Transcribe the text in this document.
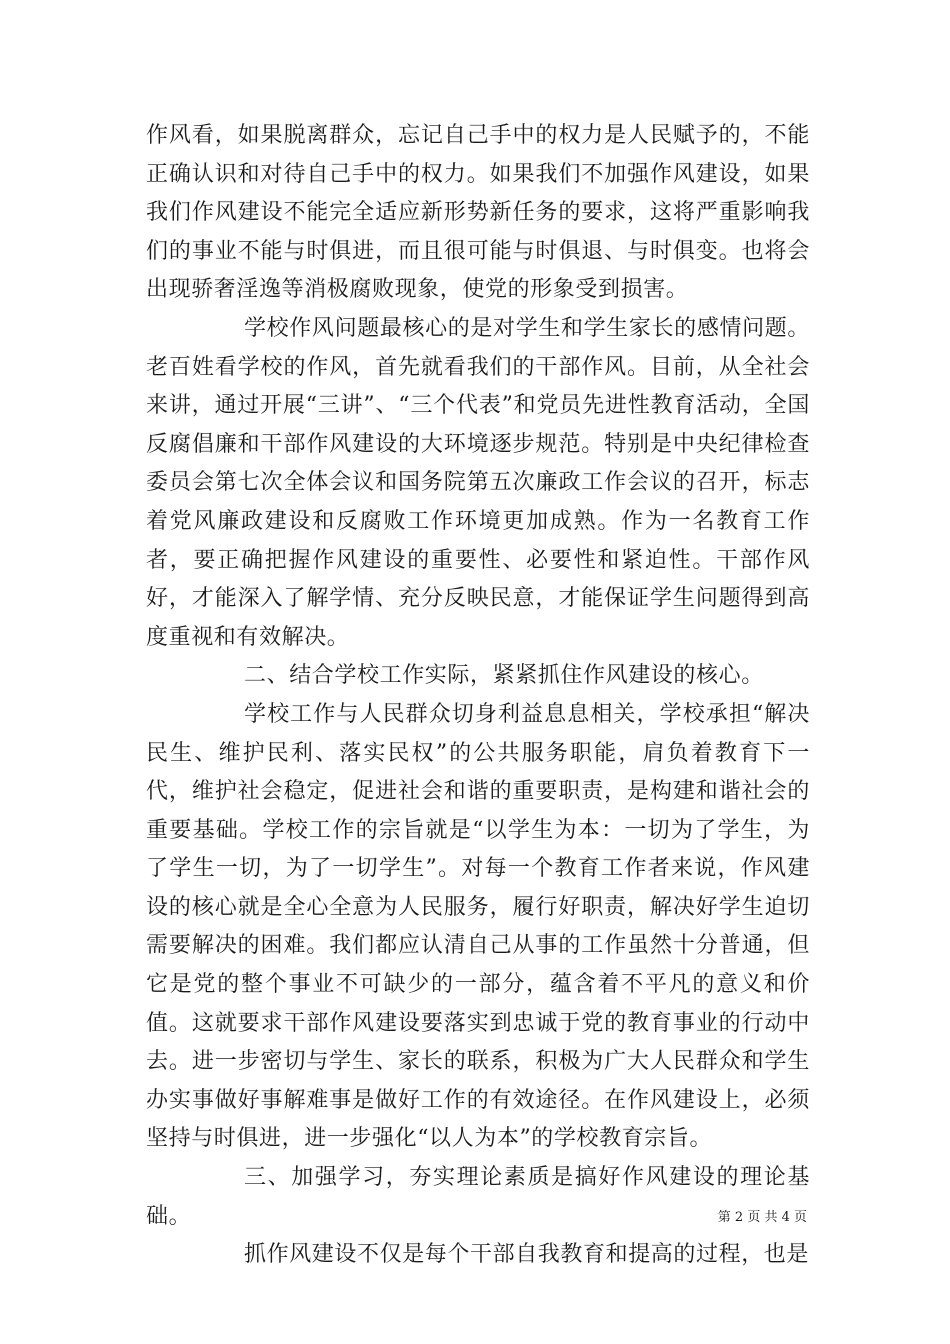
作风看，如果脱离群众，忘记自己手中的权力是人民赋予的，不能正确认识和对待自己手中的权力。如果我们不加强作风建设，如果我们作风建设不能完全适应新形势新任务的要求，这将严重影响我们的事业不能与时俱进，而且很可能与时俱退、与时俱变。也将会出现骄奢淫逸等消极腐败现象，使党的形象受到损害。

学校作风问题最核心的是对学生和学生家长的感情问题。老百姓看学校的作风，首先就看我们的干部作风。目前，从全社会来讲，通过开展“三讲”、“三个代表”和党员先进性教育活动，全国反腐倡廉和干部作风建设的大环境逐步规范。特别是中央纪律检查委员会第七次全体会议和国务院第五次廉政工作会议的召开，标志着党风廉政建设和反腐败工作环境更加成熟。作为一名教育工作者，要正确把握作风建设的重要性、必要性和紧迫性。干部作风好，才能深入了解学情、充分反映民意，才能保证学生问题得到高度重视和有效解决。

二、结合学校工作实际，紧紧抓住作风建设的核心。

学校工作与人民群众切身利益息息相关，学校承担“解决民生、维护民利、落实民权”的公共服务职能，肩负着教育下一代，维护社会稳定，促进社会和谐的重要职责，是构建和谐社会的重要基础。学校工作的宗旨就是“以学生为本：一切为了学生，为了学生一切，为了一切学生”。对每一个教育工作者来说，作风建设的核心就是全心全意为人民服务，履行好职责，解决好学生迫切需要解决的困难。我们都应认清自己从事的工作虽然十分普通，但它是党的整个事业不可缺少的一部分，蕴含着不平凡的意义和价值。这就要求干部作风建设要落实到忠诚于党的教育事业的行动中去。进一步密切与学生、家长的联系，积极为广大人民群众和学生办实事做好事解难事是做好工作的有效途径。在作风建设上，必须坚持与时俱进，进一步强化“以人为本”的学校教育宗旨。

三、加强学习，夯实理论素质是搞好作风建设的理论基础。

抓作风建设不仅是每个干部自我教育和提高的过程，也是

第 2 页 共 4 页
